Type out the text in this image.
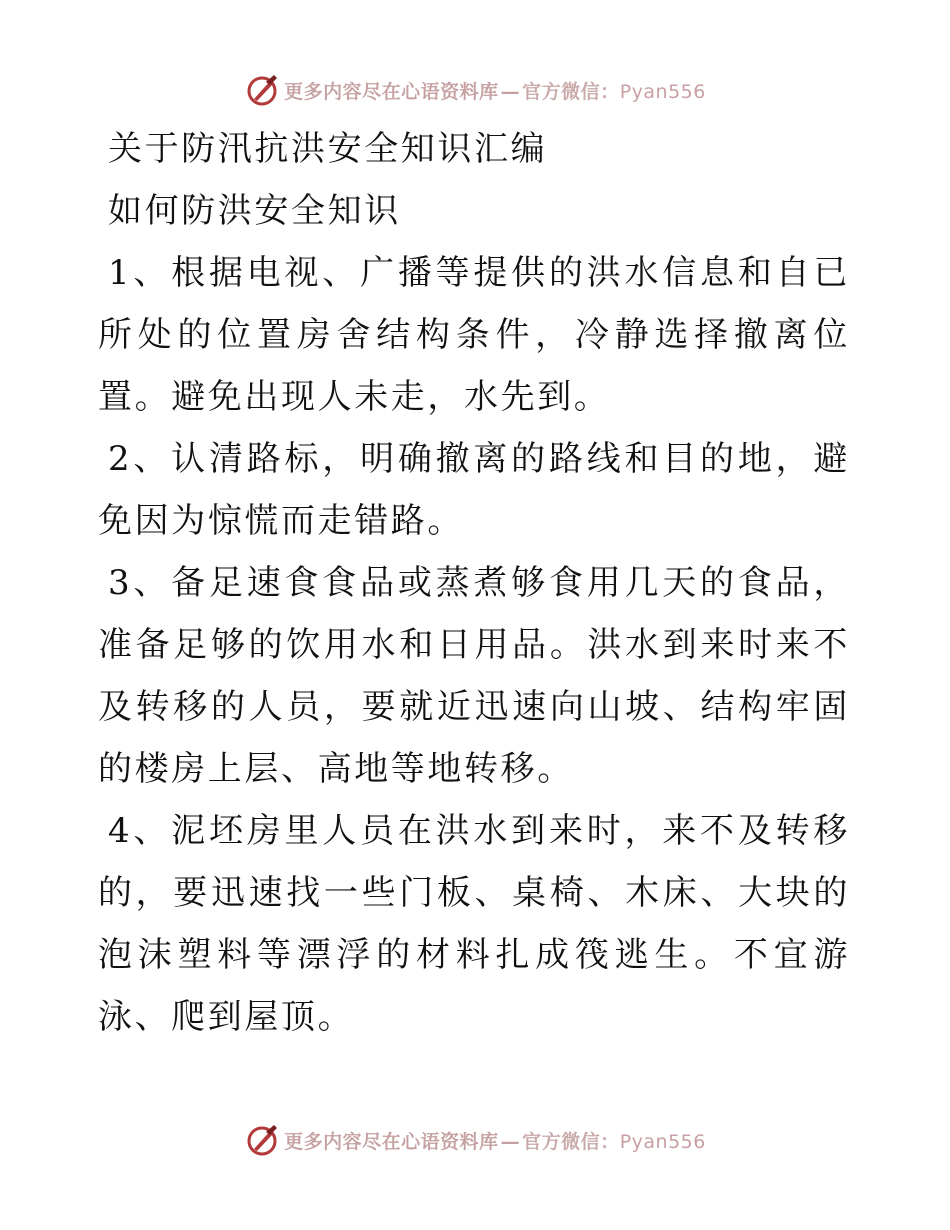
更多内容尽在心语资料库 — 官方微信：Pyan556

关于防汛抗洪安全知识汇编

如何防洪安全知识

1、根据电视、广播等提供的洪水信息和自已所处的位置房舍结构条件，冷静选择撤离位置。避免出现人未走，水先到。

2、认清路标，明确撤离的路线和目的地，避免因为惊慌而走错路。

3、备足速食食品或蒸煮够食用几天的食品，准备足够的饮用水和日用品。洪水到来时来不及转移的人员，要就近迅速向山坡、结构牢固的楼房上层、高地等地转移。

4、泥坯房里人员在洪水到来时，来不及转移的，要迅速找一些门板、桌椅、木床、大块的泡沫塑料等漂浮的材料扎成筏逃生。不宜游泳、爬到屋顶。

更多内容尽在心语资料库 — 官方微信：Pyan556
